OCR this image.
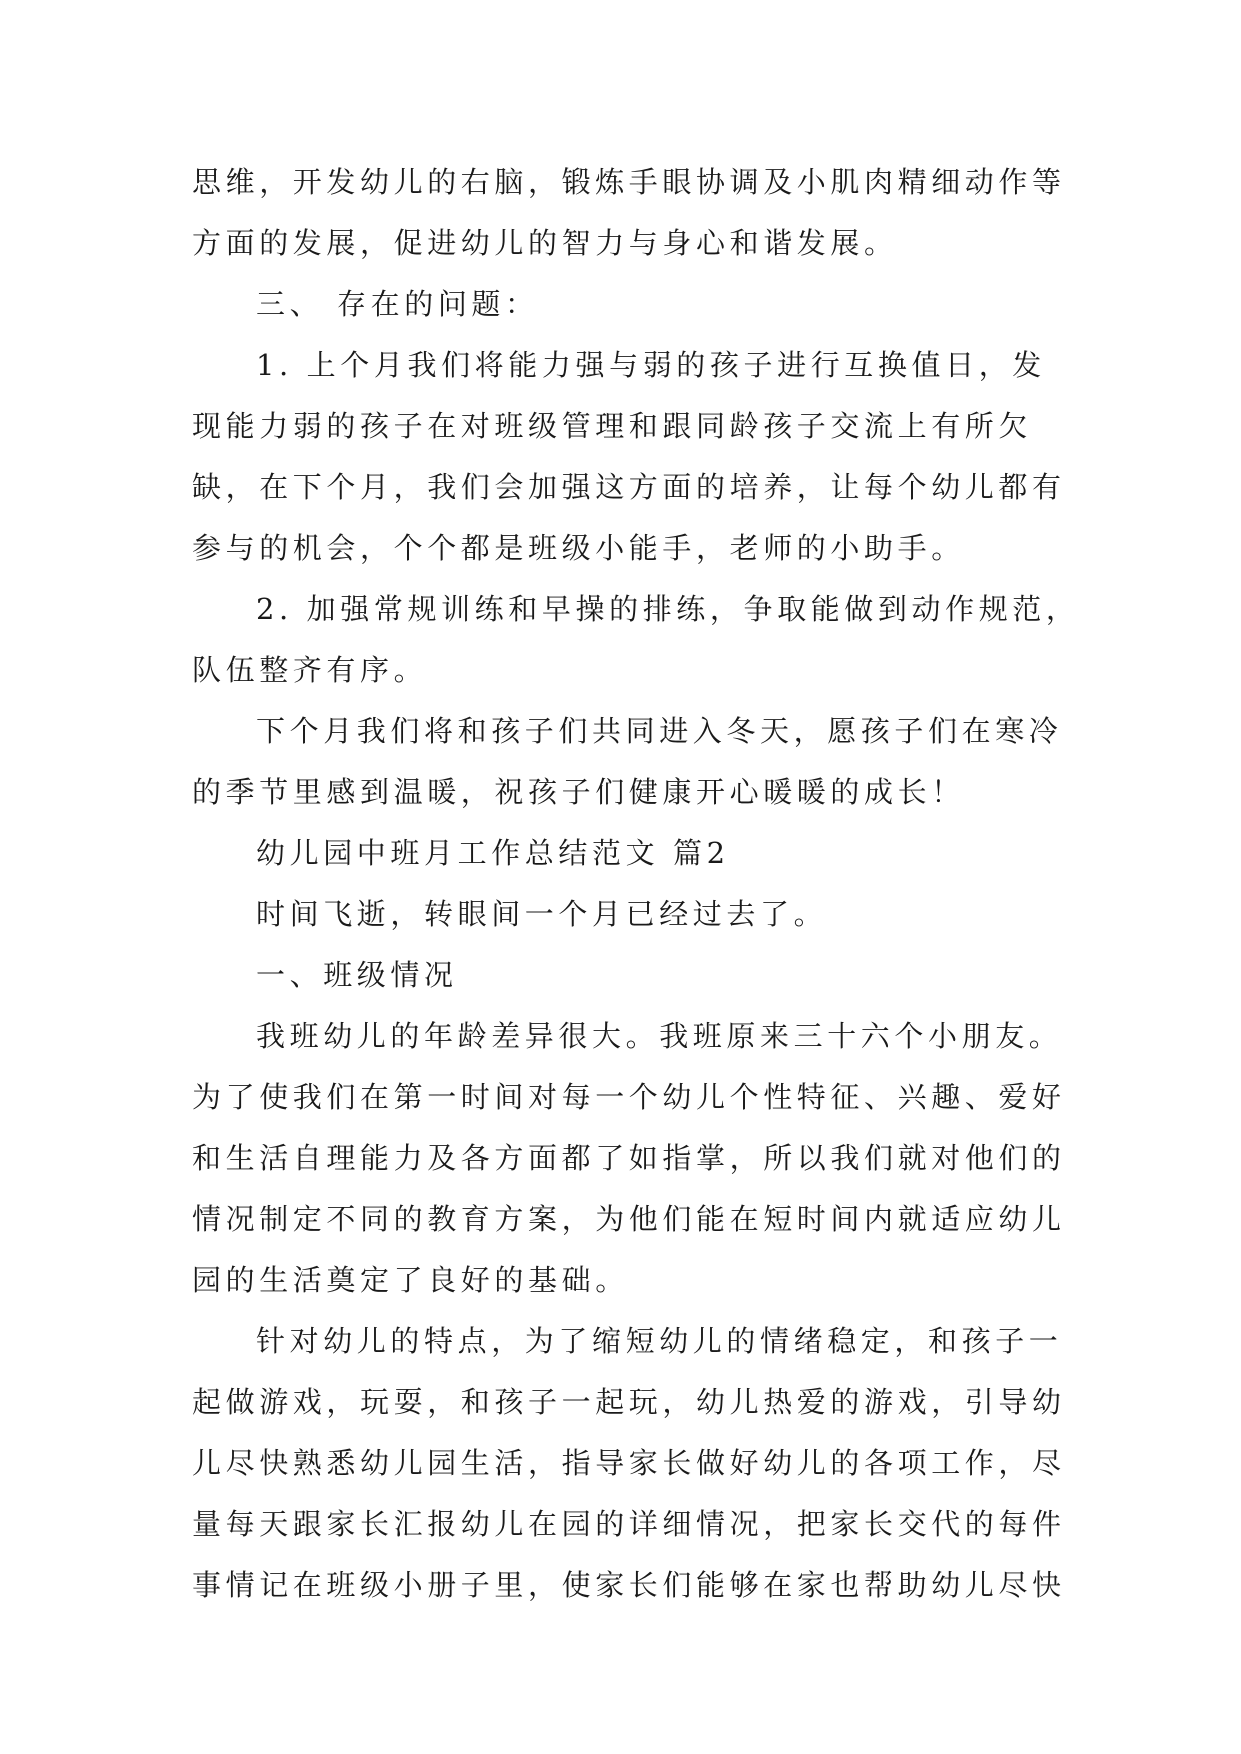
思维，开发幼儿的右脑，锻炼手眼协调及小肌肉精细动作等
方面的发展，促进幼儿的智力与身心和谐发展。
三、 存在的问题：
1. 上个月我们将能力强与弱的孩子进行互换值日，发
现能力弱的孩子在对班级管理和跟同龄孩子交流上有所欠
缺，在下个月，我们会加强这方面的培养，让每个幼儿都有
参与的机会，个个都是班级小能手，老师的小助手。
2. 加强常规训练和早操的排练，争取能做到动作规范，
队伍整齐有序。
下个月我们将和孩子们共同进入冬天，愿孩子们在寒冷
的季节里感到温暖，祝孩子们健康开心暖暖的成长！
幼儿园中班月工作总结范文 篇2
时间飞逝，转眼间一个月已经过去了。
一、班级情况
我班幼儿的年龄差异很大。我班原来三十六个小朋友。
为了使我们在第一时间对每一个幼儿个性特征、兴趣、爱好
和生活自理能力及各方面都了如指掌，所以我们就对他们的
情况制定不同的教育方案，为他们能在短时间内就适应幼儿
园的生活奠定了良好的基础。
针对幼儿的特点，为了缩短幼儿的情绪稳定，和孩子一
起做游戏，玩耍，和孩子一起玩，幼儿热爱的游戏，引导幼
儿尽快熟悉幼儿园生活，指导家长做好幼儿的各项工作，尽
量每天跟家长汇报幼儿在园的详细情况，把家长交代的每件
事情记在班级小册子里，使家长们能够在家也帮助幼儿尽快
